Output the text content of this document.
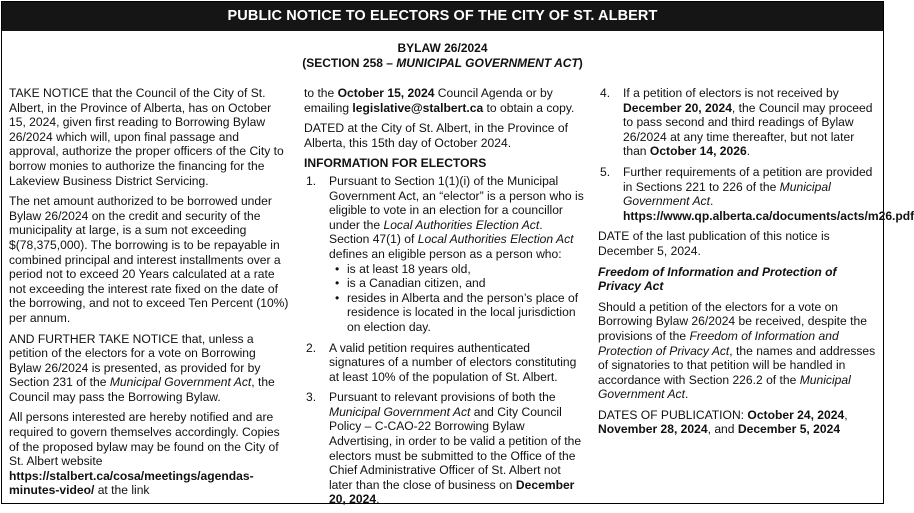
PUBLIC NOTICE TO ELECTORS OF THE CITY OF ST. ALBERT
BYLAW 26/2024
(SECTION 258 – MUNICIPAL GOVERNMENT ACT)

TAKE NOTICE that the Council of the City of St. Albert, in the Province of Alberta, has on October 15, 2024, given first reading to Borrowing Bylaw 26/2024 which will, upon final passage and approval, authorize the proper officers of the City to borrow monies to authorize the financing for the Lakeview Business District Servicing.

The net amount authorized to be borrowed under Bylaw 26/2024 on the credit and security of the municipality at large, is a sum not exceeding $(78,375,000). The borrowing is to be repayable in combined principal and interest installments over a period not to exceed 20 Years calculated at a rate not exceeding the interest rate fixed on the date of the borrowing, and not to exceed Ten Percent (10%) per annum.

AND FURTHER TAKE NOTICE that, unless a petition of the electors for a vote on Borrowing Bylaw 26/2024 is presented, as provided for by Section 231 of the Municipal Government Act, the Council may pass the Borrowing Bylaw.

All persons interested are hereby notified and are required to govern themselves accordingly. Copies of the proposed bylaw may be found on the City of St. Albert website https://stalbert.ca/cosa/meetings/agendas-minutes-video/ at the link

to the October 15, 2024 Council Agenda or by emailing legislative@stalbert.ca to obtain a copy.

DATED at the City of St. Albert, in the Province of Alberta, this 15th day of October 2024.

INFORMATION FOR ELECTORS
1. Pursuant to Section 1(1)(i) of the Municipal Government Act, an “elector” is a person who is eligible to vote in an election for a councillor under the Local Authorities Election Act. Section 47(1) of Local Authorities Election Act defines an eligible person as a person who:
• is at least 18 years old,
• is a Canadian citizen, and
• resides in Alberta and the person’s place of residence is located in the local jurisdiction on election day.
2. A valid petition requires authenticated signatures of a number of electors constituting at least 10% of the population of St. Albert.
3. Pursuant to relevant provisions of both the Municipal Government Act and City Council Policy – C-CAO-22 Borrowing Bylaw Advertising, in order to be valid a petition of the electors must be submitted to the Office of the Chief Administrative Officer of St. Albert not later than the close of business on December 20, 2024.
4. If a petition of electors is not received by December 20, 2024, the Council may proceed to pass second and third readings of Bylaw 26/2024 at any time thereafter, but not later than October 14, 2026.
5. Further requirements of a petition are provided in Sections 221 to 226 of the Municipal Government Act. https://www.qp.alberta.ca/documents/acts/m26.pdf

DATE of the last publication of this notice is December 5, 2024.

Freedom of Information and Protection of Privacy Act

Should a petition of the electors for a vote on Borrowing Bylaw 26/2024 be received, despite the provisions of the Freedom of Information and Protection of Privacy Act, the names and addresses of signatories to that petition will be handled in accordance with Section 226.2 of the Municipal Government Act.

DATES OF PUBLICATION: October 24, 2024, November 28, 2024, and December 5, 2024
